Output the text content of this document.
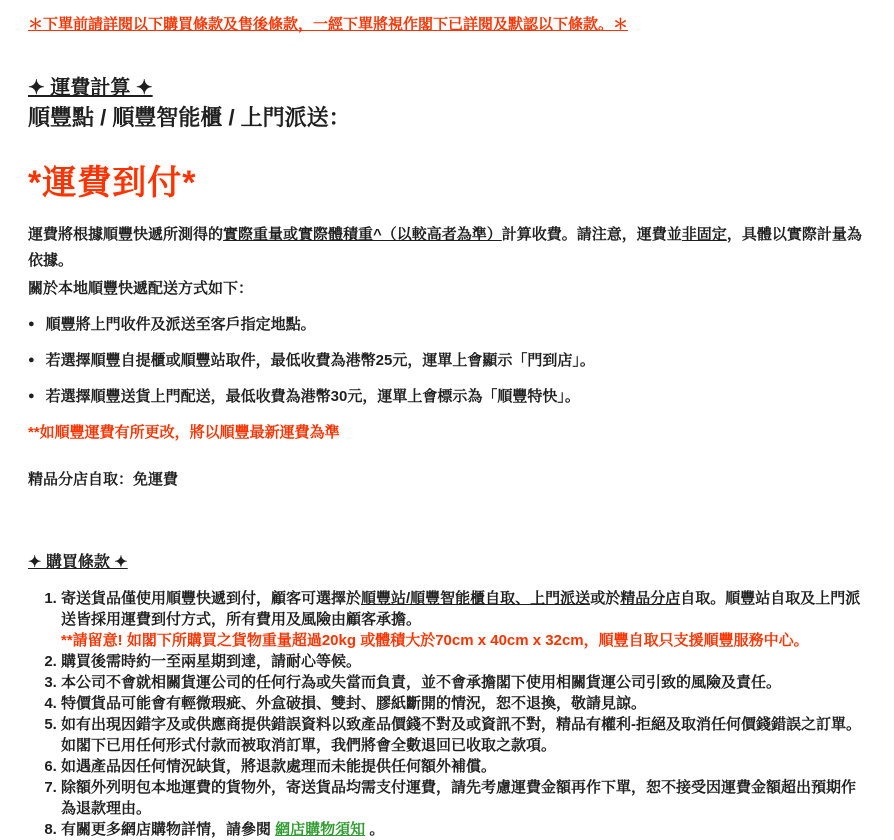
＊下單前請詳閱以下購買條款及售後條款，一經下單將視作閣下已詳閱及默認以下條款。＊

✦ 運費計算 ✦
順豐點 / 順豐智能櫃 / 上門派送：
*運費到付*

運費將根據順豐快遞所測得的實際重量或實際體積重^（以較高者為準）計算收費。請注意，運費並非固定，具體以實際計量為依據。

關於本地順豐快遞配送方式如下：

● 順豐將上門收件及派送至客戶指定地點。
● 若選擇順豐自提櫃或順豐站取件，最低收費為港幣25元，運單上會顯示「門到店」。
● 若選擇順豐送貨上門配送，最低收費為港幣30元，運單上會標示為「順豐特快」。

**如順豐運費有所更改，將以順豐最新運費為準

精品分店自取：免運費

✦ 購買條款 ✦
1. 寄送貨品僅使用順豐快遞到付，顧客可選擇於順豐站/順豐智能櫃自取、上門派送或於精品分店自取。順豐站自取及上門派送皆採用運費到付方式，所有費用及風險由顧客承擔。
**請留意! 如閣下所購買之貨物重量超過20kg 或體積大於70cm x 40cm x 32cm，順豐自取只支援順豐服務中心。
2. 購買後需時約一至兩星期到達，請耐心等候。
3. 本公司不會就相關貨運公司的任何行為或失當而負責，並不會承擔閣下使用相關貨運公司引致的風險及責任。
4. 特價貨品可能會有輕微瑕疵、外盒破損、雙封、膠紙斷開的情況，恕不退換，敬請見諒。
5. 如有出現因錯字及或供應商提供錯誤資料以致產品價錢不對及或資訊不對，精品有權利-拒絕及取消任何價錢錯誤之訂單。如閣下已用任何形式付款而被取消訂單，我們將會全數退回已收取之款項。
6. 如遇產品因任何情況缺貨，將退款處理而未能提供任何額外補償。
7. 除額外列明包本地運費的貨物外，寄送貨品均需支付運費，請先考慮運費金額再作下單，恕不接受因運費金額超出預期作為退款理由。
8. 有關更多網店購物詳情，請參閱 網店購物須知 。
